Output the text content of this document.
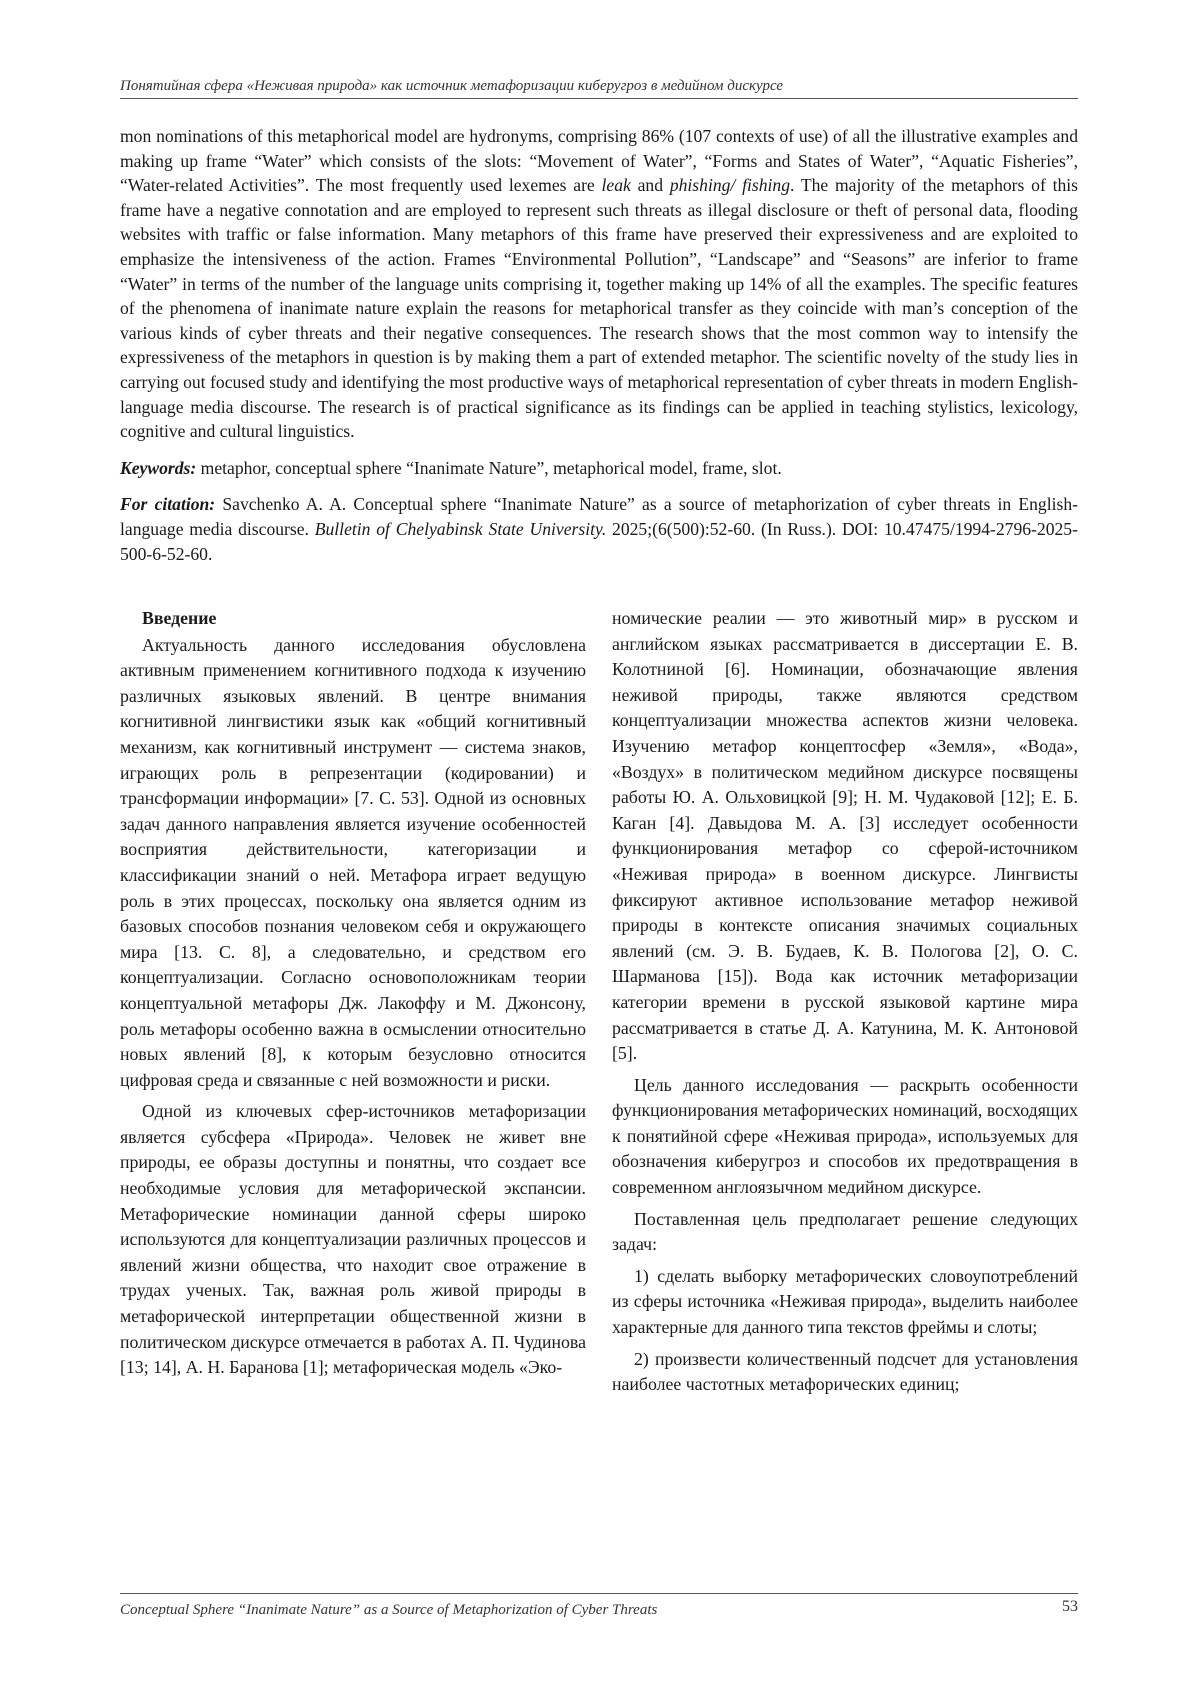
Понятийная сфера «Неживая природа» как источник метафоризации киберугроз в медийном дискурсе

mon nominations of this metaphorical model are hydronyms, comprising 86% (107 contexts of use) of all the illustrative examples and making up frame “Water” which consists of the slots: “Movement of Water”, “Forms and States of Water”, “Aquatic Fisheries”, “Water-related Activities”. The most frequently used lexemes are leak and phishing/ fishing. The majority of the metaphors of this frame have a negative connotation and are employed to represent such threats as illegal disclosure or theft of personal data, flooding websites with traffic or false information. Many metaphors of this frame have preserved their expressiveness and are exploited to emphasize the intensiveness of the action. Frames “Environmental Pollution”, “Landscape” and “Seasons” are inferior to frame “Water” in terms of the number of the language units comprising it, together making up 14% of all the examples. The specific features of the phenomena of inanimate nature explain the reasons for metaphorical transfer as they coincide with man’s conception of the various kinds of cyber threats and their negative consequences. The research shows that the most common way to intensify the expressiveness of the metaphors in question is by making them a part of extended metaphor. The scientific novelty of the study lies in carrying out focused study and identifying the most productive ways of metaphorical representation of cyber threats in modern English-language media discourse. The research is of practical significance as its findings can be applied in teaching stylistics, lexicology, cognitive and cultural linguistics.

Keywords: metaphor, conceptual sphere “Inanimate Nature”, metaphorical model, frame, slot.

For citation: Savchenko A. A. Conceptual sphere “Inanimate Nature” as a source of metaphorization of cyber threats in English-language media discourse. Bulletin of Chelyabinsk State University. 2025;(6(500):52-60. (In Russ.). DOI: 10.47475/1994-2796-2025-500-6-52-60.

Введение

Актуальность данного исследования обусловлена активным применением когнитивного подхода к изучению различных языковых явлений. В центре внимания когнитивной лингвистики язык как «общий когнитивный механизм, как когнитивный инструмент — система знаков, играющих роль в репрезентации (кодировании) и трансформации информации» [7. С. 53]. Одной из основных задач данного направления является изучение особенностей восприятия действительности, категоризации и классификации знаний о ней. Метафора играет ведущую роль в этих процессах, поскольку она является одним из базовых способов познания человеком себя и окружающего мира [13. С. 8], а следовательно, и средством его концептуализации. Согласно основоположникам теории концептуальной метафоры Дж. Лакоффу и М. Джонсону, роль метафоры особенно важна в осмыслении относительно новых явлений [8], к которым безусловно относится цифровая среда и связанные с ней возможности и риски.

Одной из ключевых сфер-источников метафоризации является субсфера «Природа». Человек не живет вне природы, ее образы доступны и понятны, что создает все необходимые условия для метафорической экспансии. Метафорические номинации данной сферы широко используются для концептуализации различных процессов и явлений жизни общества, что находит свое отражение в трудах ученых. Так, важная роль живой природы в метафорической интерпретации общественной жизни в политическом дискурсе отмечается в работах А. П. Чудинова [13; 14], А. Н. Баранова [1]; метафорическая модель «Эко-

номические реалии — это животный мир» в русском и английском языках рассматривается в диссертации Е. В. Колотниной [6]. Номинации, обозначающие явления неживой природы, также являются средством концептуализации множества аспектов жизни человека. Изучению метафор концептосфер «Земля», «Вода», «Воздух» в политическом медийном дискурсе посвящены работы Ю. А. Ольховицкой [9]; Н. М. Чудаковой [12]; Е. Б. Каган [4]. Давыдова М. А. [3] исследует особенности функционирования метафор со сферой-источником «Неживая природа» в военном дискурсе. Лингвисты фиксируют активное использование метафор неживой природы в контексте описания значимых социальных явлений (см. Э. В. Будаев, К. В. Пологова [2], О. С. Шарманова [15]). Вода как источник метафоризации категории времени в русской языковой картине мира рассматривается в статье Д. А. Катунина, М. К. Антоновой [5].

Цель данного исследования — раскрыть особенности функционирования метафорических номинаций, восходящих к понятийной сфере «Неживая природа», используемых для обозначения киберугроз и способов их предотвращения в современном англоязычном медийном дискурсе.

Поставленная цель предполагает решение следующих задач:

1) сделать выборку метафорических словоупотреблений из сферы источника «Неживая природа», выделить наиболее характерные для данного типа текстов фреймы и слоты;

2) произвести количественный подсчет для установления наиболее частотных метафорических единиц;

Conceptual Sphere “Inanimate Nature” as a Source of Metaphorization of Cyber Threats	53
